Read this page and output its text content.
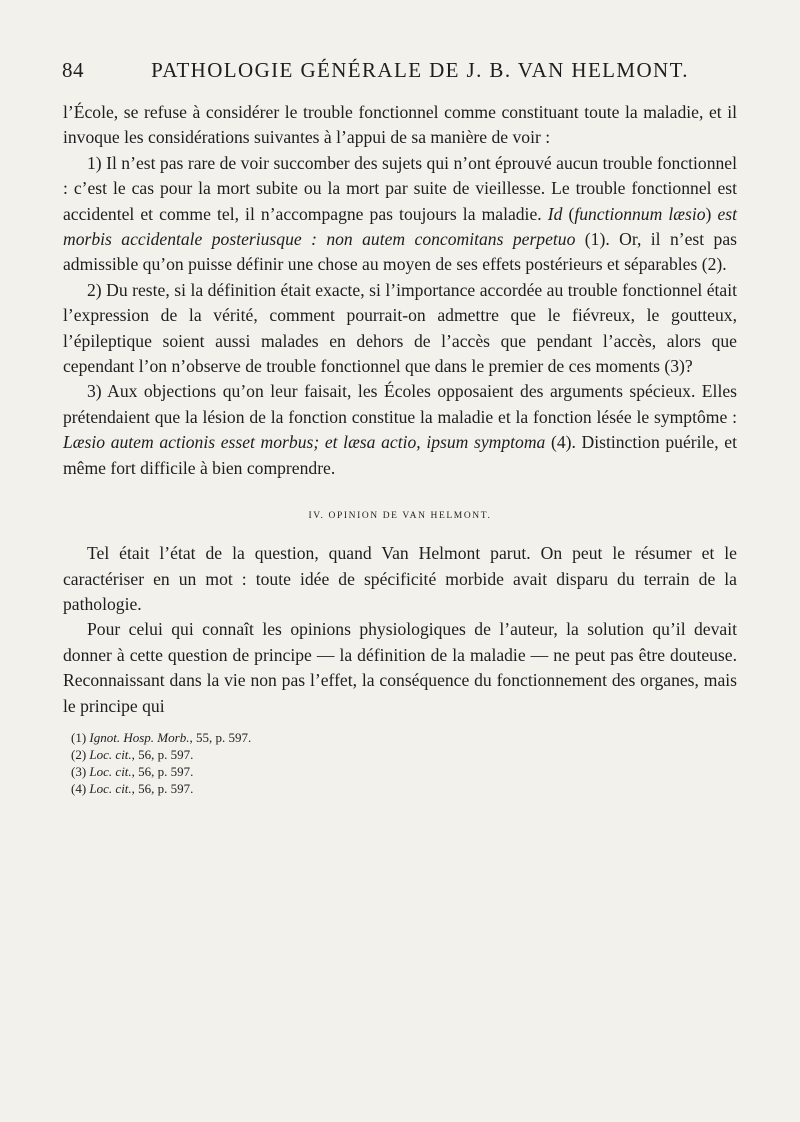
84	PATHOLOGIE GÉNÉRALE DE J. B. VAN HELMONT.

l’École, se refuse à considérer le trouble fonctionnel comme constituant toute la maladie, et il invoque les considérations suivantes à l’appui de sa manière de voir :

1) Il n’est pas rare de voir succomber des sujets qui n’ont éprouvé aucun trouble fonctionnel : c’est le cas pour la mort subite ou la mort par suite de vieillesse. Le trouble fonctionnel est accidentel et comme tel, il n’accompagne pas toujours la maladie. Id (functionnum læsio) est morbis accidentale posteriusque : non autem concomitans perpetuo (1). Or, il n’est pas admissible qu’on puisse définir une chose au moyen de ses effets postérieurs et séparables (2).

2) Du reste, si la définition était exacte, si l’importance accordée au trouble fonctionnel était l’expression de la vérité, comment pourrait-on admettre que le fiévreux, le goutteux, l’épileptique soient aussi malades en dehors de l’accès que pendant l’accès, alors que cependant l’on n’observe de trouble fonctionnel que dans le premier de ces moments (3)?

3) Aux objections qu’on leur faisait, les Écoles opposaient des arguments spécieux. Elles prétendaient que la lésion de la fonction constitue la maladie et la fonction lésée le symptôme : Læsio autem actionis esset morbus; et læsa actio, ipsum symptoma (4). Distinction puérile, et même fort difficile à bien comprendre.

IV. OPINION DE VAN HELMONT.

Tel était l’état de la question, quand Van Helmont parut. On peut le résumer et le caractériser en un mot : toute idée de spécificité morbide avait disparu du terrain de la pathologie.

Pour celui qui connaît les opinions physiologiques de l’auteur, la solution qu’il devait donner à cette question de principe — la définition de la maladie — ne peut pas être douteuse. Reconnaissant dans la vie non pas l’effet, la conséquence du fonctionnement des organes, mais le principe qui

(1) Ignot. Hosp. Morb., 55, p. 597.
(2) Loc. cit., 56, p. 597.
(3) Loc. cit., 56, p. 597.
(4) Loc. cit., 56, p. 597.
